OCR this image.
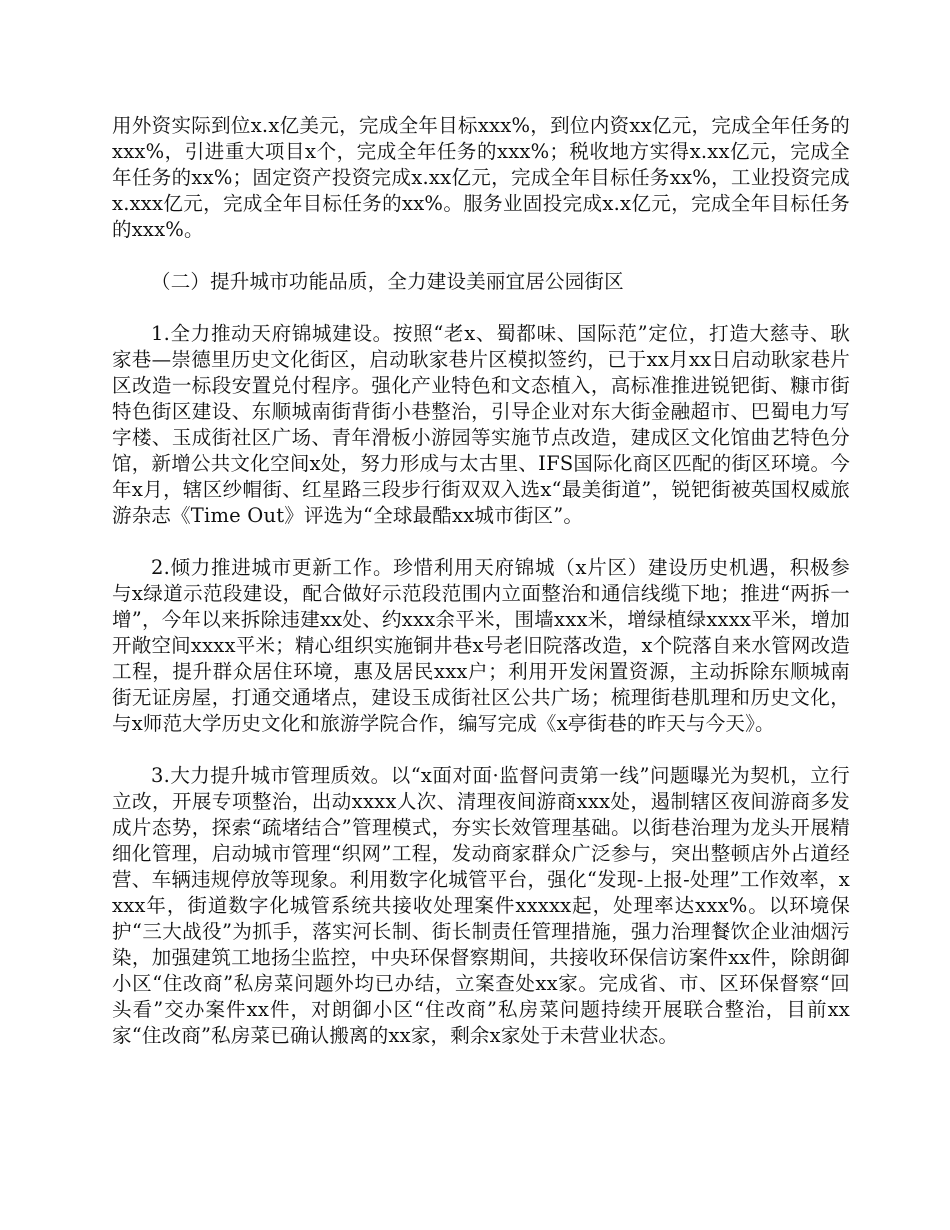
用外资实际到位x.x亿美元，完成全年目标xxx%，到位内资xx亿元，完成全年任务的xxx%，引进重大项目x个，完成全年任务的xxx%；税收地方实得x.xx亿元，完成全年任务的xx%；固定资产投资完成x.xx亿元，完成全年目标任务xx%，工业投资完成x.xxx亿元，完成全年目标任务的xx%。服务业固投完成x.x亿元，完成全年目标任务的xxx%。

（二）提升城市功能品质，全力建设美丽宜居公园街区

1.全力推动天府锦城建设。按照“老x、蜀都味、国际范”定位，打造大慈寺、耿家巷—崇德里历史文化街区，启动耿家巷片区模拟签约，已于xx月xx日启动耿家巷片区改造一标段安置兑付程序。强化产业特色和文态植入，高标准推进锐钯街、糠市街特色街区建设、东顺城南街背街小巷整治，引导企业对东大街金融超市、巴蜀电力写字楼、玉成街社区广场、青年滑板小游园等实施节点改造，建成区文化馆曲艺特色分馆，新增公共文化空间x处，努力形成与太古里、IFS国际化商区匹配的街区环境。今年x月，辖区纱帽街、红星路三段步行街双双入选x“最美街道”，锐钯街被英国权威旅游杂志《Time Out》评选为“全球最酷xx城市街区”。

2.倾力推进城市更新工作。珍惜利用天府锦城（x片区）建设历史机遇，积极参与x绿道示范段建设，配合做好示范段范围内立面整治和通信线缆下地；推进“两拆一增”，今年以来拆除违建xx处、约xxx余平米，围墙xxx米，增绿植绿xxxx平米，增加开敞空间xxxx平米；精心组织实施铜井巷x号老旧院落改造，x个院落自来水管网改造工程，提升群众居住环境，惠及居民xxx户；利用开发闲置资源，主动拆除东顺城南街无证房屋，打通交通堵点，建设玉成街社区公共广场；梳理街巷肌理和历史文化，与x师范大学历史文化和旅游学院合作，编写完成《x亭街巷的昨天与今天》。

3.大力提升城市管理质效。以“x面对面·监督问责第一线”问题曝光为契机，立行立改，开展专项整治，出动xxxx人次、清理夜间游商xxx处，遏制辖区夜间游商多发成片态势，探索“疏堵结合”管理模式，夯实长效管理基础。以街巷治理为龙头开展精细化管理，启动城市管理“织网”工程，发动商家群众广泛参与，突出整顿店外占道经营、车辆违规停放等现象。利用数字化城管平台，强化“发现-上报-处理”工作效率，xxxx年，街道数字化城管系统共接收处理案件xxxxx起，处理率达xxx%。以环境保护“三大战役”为抓手，落实河长制、街长制责任管理措施，强力治理餐饮企业油烟污染，加强建筑工地扬尘监控，中央环保督察期间，共接收环保信访案件xx件，除朗御小区“住改商”私房菜问题外均已办结，立案查处xx家。完成省、市、区环保督察“回头看”交办案件xx件，对朗御小区“住改商”私房菜问题持续开展联合整治，目前xx家“住改商”私房菜已确认搬离的xx家，剩余x家处于未营业状态。
